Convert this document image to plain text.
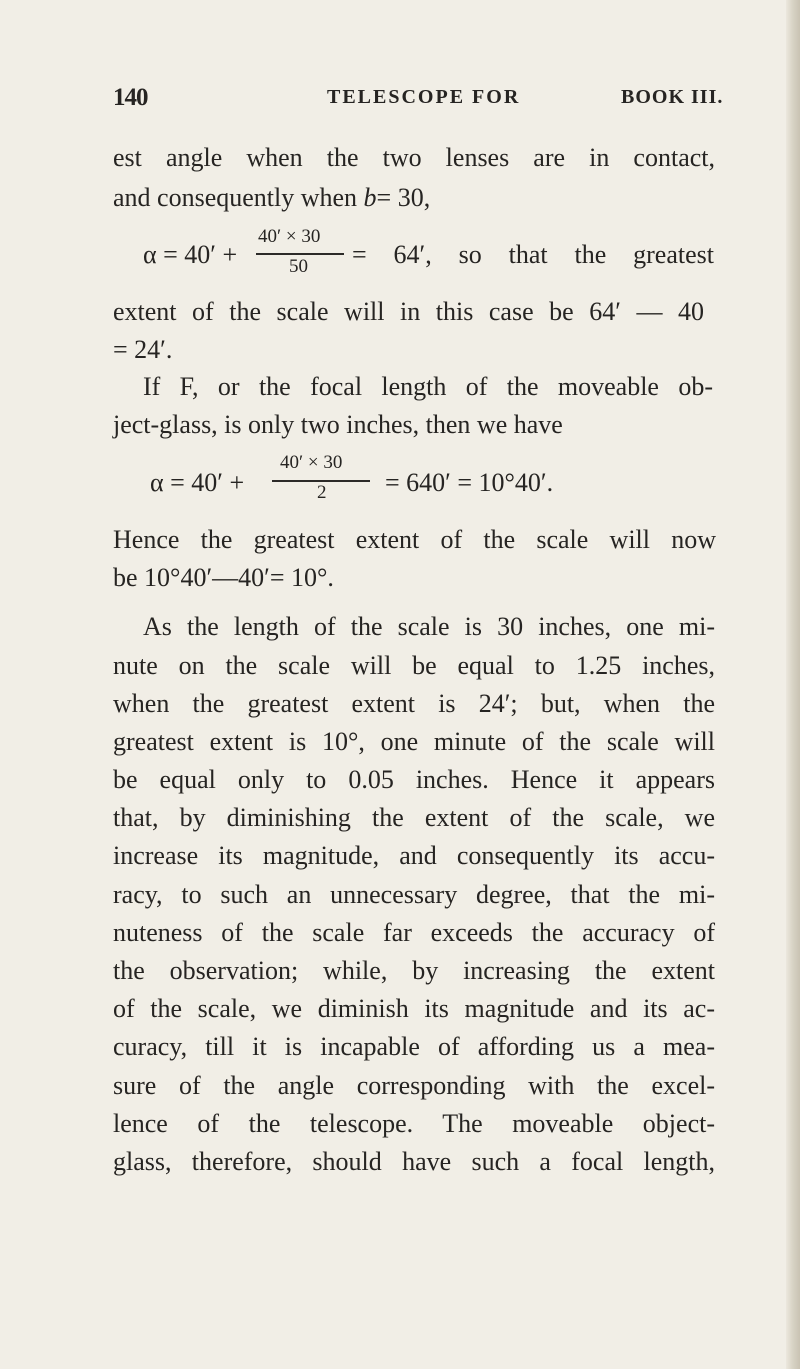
140	TELESCOPE FOR	BOOK III.
est angle when the two lenses are in contact,
and consequently when b= 30,
α = 40′ +
40′ × 30
50 = 64′, so that the greatest
extent of the scale will in this case be 64′ — 40
= 24′.
If F, or the focal length of the moveable ob-
ject-glass, is only two inches, then we have
α = 40′ +
40′ × 30
2 = 640′ = 10°40′.
Hence the greatest extent of the scale will now
be 10°40′—40′= 10°.
As the length of the scale is 30 inches, one mi-
nute on the scale will be equal to 1.25 inches,
when the greatest extent is 24′; but, when the
greatest extent is 10°, one minute of the scale will
be equal only to 0.05 inches. Hence it appears
that, by diminishing the extent of the scale, we
increase its magnitude, and consequently its accu-
racy, to such an unnecessary degree, that the mi-
nuteness of the scale far exceeds the accuracy of
the observation; while, by increasing the extent
of the scale, we diminish its magnitude and its ac-
curacy, till it is incapable of affording us a mea-
sure of the angle corresponding with the excel-
lence of the telescope. The moveable object-
glass, therefore, should have such a focal length,
